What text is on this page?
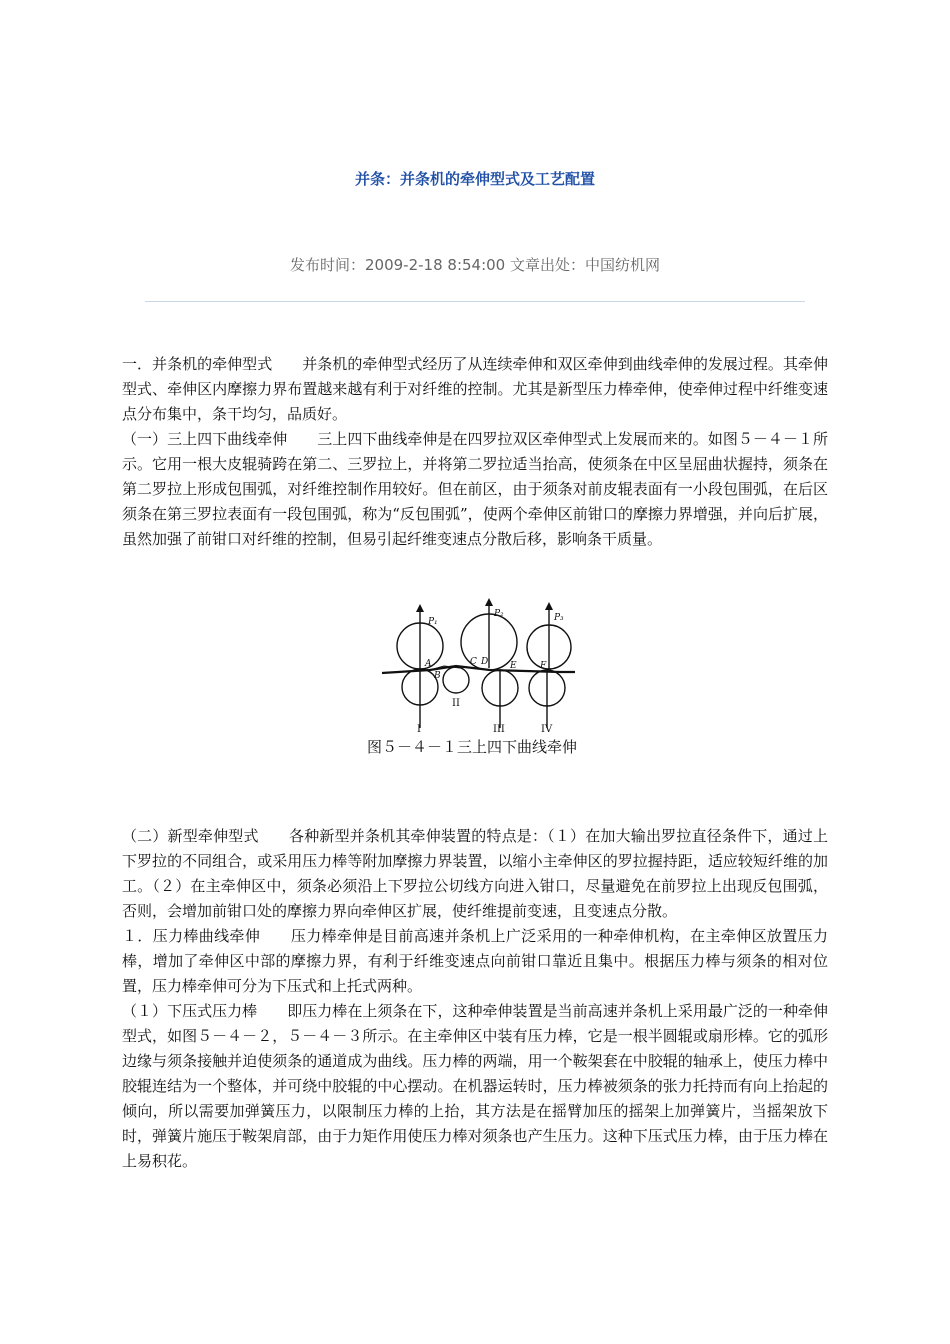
并条：并条机的牵伸型式及工艺配置
发布时间：2009-2-18 8:54:00 文章出处：中国纺机网
一．并条机的牵伸型式　　并条机的牵伸型式经历了从连续牵伸和双区牵伸到曲线牵伸的发展过程。其牵伸型式、牵伸区内摩擦力界布置越来越有利于对纤维的控制。尤其是新型压力棒牵伸，使牵伸过程中纤维变速点分布集中，条干均匀，品质好。
（一）三上四下曲线牵伸　　三上四下曲线牵伸是在四罗拉双区牵伸型式上发展而来的。如图５－４－１所示。它用一根大皮辊骑跨在第二、三罗拉上，并将第二罗拉适当抬高，使须条在中区呈屈曲状握持，须条在第二罗拉上形成包围弧，对纤维控制作用较好。但在前区，由于须条对前皮辊表面有一小段包围弧，在后区须条在第三罗拉表面有一段包围弧，称为“反包围弧”，使两个牵伸区前钳口的摩擦力界增强，并向后扩展，虽然加强了前钳口对纤维的控制，但易引起纤维变速点分散后移，影响条干质量。
P₁
P₂	P₃
A
B
C D E	F
I
II
III	IV
图５－４－１三上四下曲线牵伸
（二）新型牵伸型式　　各种新型并条机其牵伸装置的特点是：（１）在加大输出罗拉直径条件下，通过上下罗拉的不同组合，或采用压力棒等附加摩擦力界装置，以缩小主牵伸区的罗拉握持距，适应较短纤维的加工。（２）在主牵伸区中，须条必须沿上下罗拉公切线方向进入钳口，尽量避免在前罗拉上出现反包围弧，否则，会增加前钳口处的摩擦力界向牵伸区扩展，使纤维提前变速，且变速点分散。
１．压力棒曲线牵伸　　压力棒牵伸是目前高速并条机上广泛采用的一种牵伸机构，在主牵伸区放置压力棒，增加了牵伸区中部的摩擦力界，有利于纤维变速点向前钳口靠近且集中。根据压力棒与须条的相对位置，压力棒牵伸可分为下压式和上托式两种。
（１）下压式压力棒　　即压力棒在上须条在下，这种牵伸装置是当前高速并条机上采用最广泛的一种牵伸型式，如图５－４－２，５－４－３所示。在主牵伸区中装有压力棒，它是一根半圆辊或扇形棒。它的弧形边缘与须条接触并迫使须条的通道成为曲线。压力棒的两端，用一个鞍架套在中胶辊的轴承上，使压力棒中胶辊连结为一个整体，并可绕中胶辊的中心摆动。在机器运转时，压力棒被须条的张力托持而有向上抬起的倾向，所以需要加弹簧压力，以限制压力棒的上抬，其方法是在摇臂加压的摇架上加弹簧片，当摇架放下时，弹簧片施压于鞍架肩部，由于力矩作用使压力棒对须条也产生压力。这种下压式压力棒，由于压力棒在上易积花。
